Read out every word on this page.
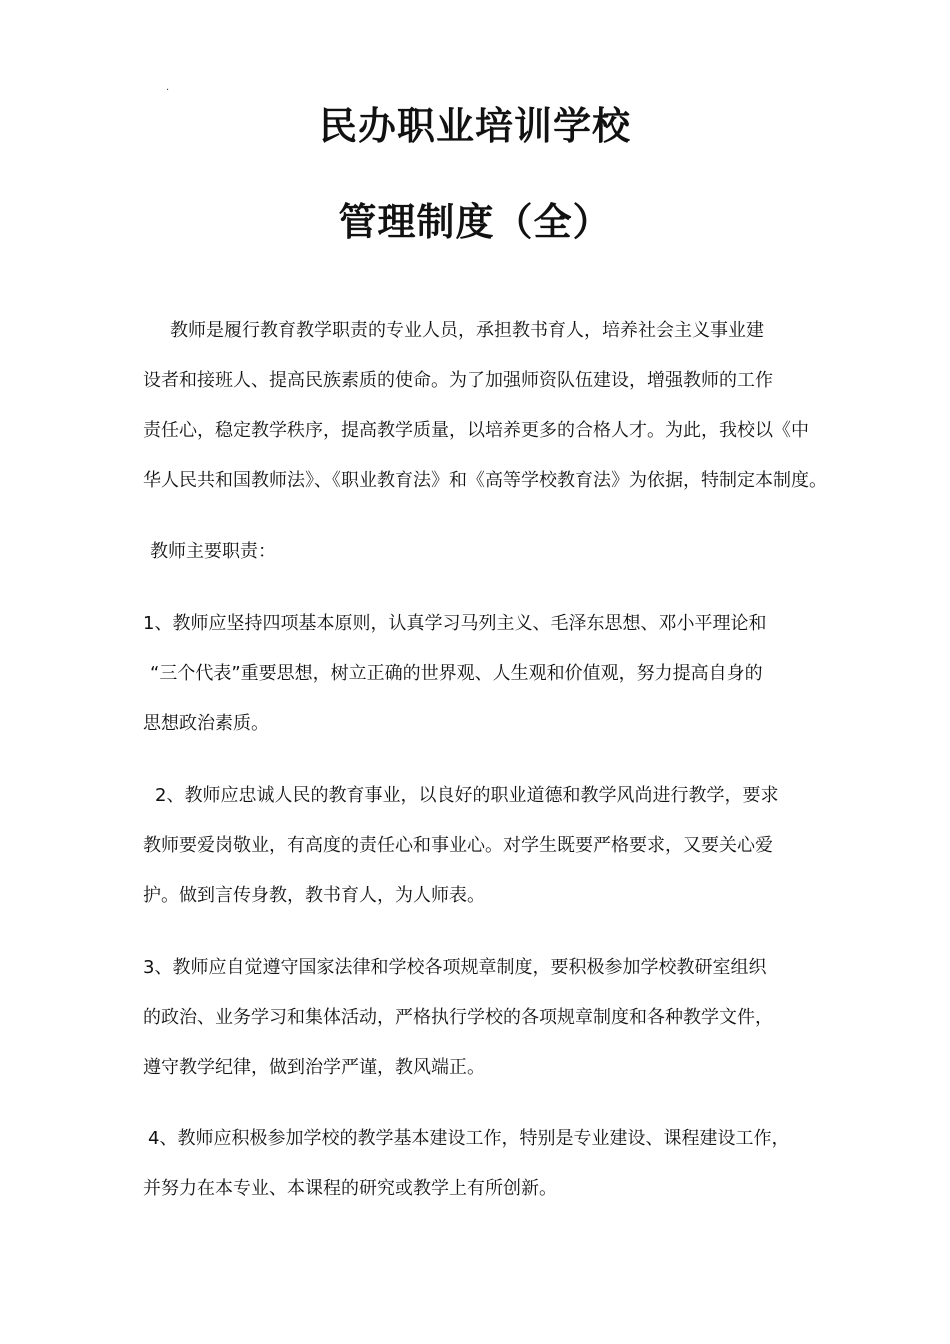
·
民办职业培训学校
管理制度（全）
教师是履行教育教学职责的专业人员，承担教书育人，培养社会主义事业建
设者和接班人、提高民族素质的使命。为了加强师资队伍建设，增强教师的工作
责任心，稳定教学秩序，提高教学质量，以培养更多的合格人才。为此，我校以《中
华人民共和国教师法》、《职业教育法》和《高等学校教育法》为依据，特制定本制度。
教师主要职责：
1、教师应坚持四项基本原则，认真学习马列主义、毛泽东思想、邓小平理论和
“三个代表”重要思想，树立正确的世界观、人生观和价值观，努力提高自身的
思想政治素质。
2、教师应忠诚人民的教育事业，以良好的职业道德和教学风尚进行教学，要求
教师要爱岗敬业，有高度的责任心和事业心。对学生既要严格要求，又要关心爱
护。做到言传身教，教书育人，为人师表。
3、教师应自觉遵守国家法律和学校各项规章制度，要积极参加学校教研室组织
的政治、业务学习和集体活动，严格执行学校的各项规章制度和各种教学文件，
遵守教学纪律，做到治学严谨，教风端正。
4、教师应积极参加学校的教学基本建设工作，特别是专业建设、课程建设工作，
并努力在本专业、本课程的研究或教学上有所创新。
